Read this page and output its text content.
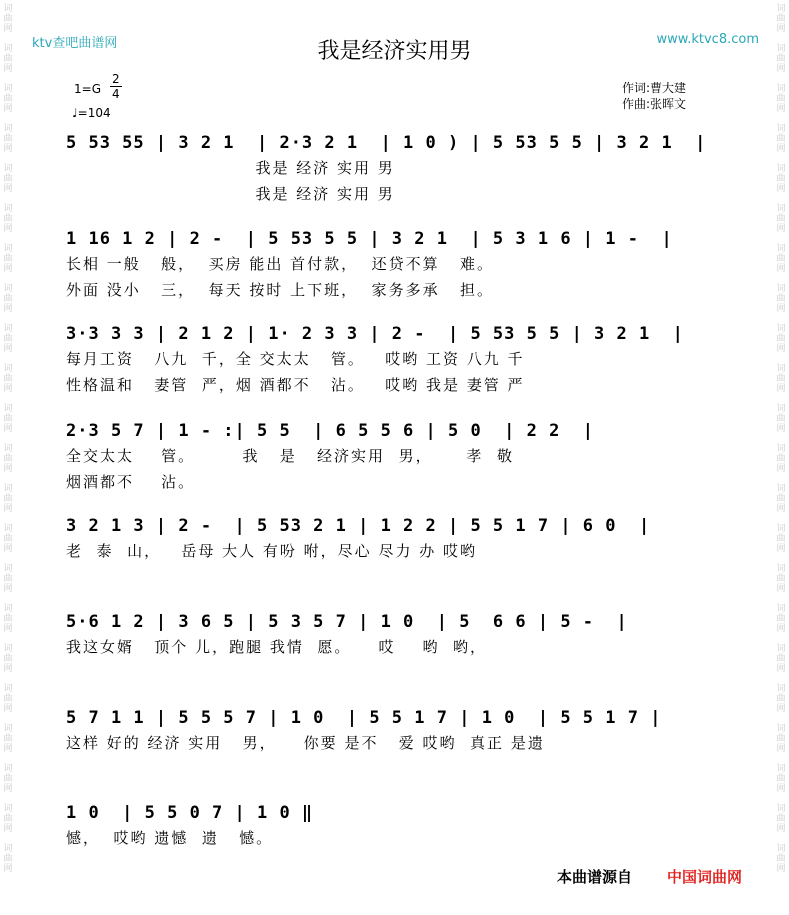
词曲网
词曲网
词曲网
词曲网
词曲网
词曲网
词曲网
词曲网
词曲网
词曲网
词曲网
词曲网
词曲网
词曲网
词曲网
词曲网
词曲网
词曲网
词曲网
词曲网
词曲网
词曲网
词曲网
词曲网
词曲网
词曲网
词曲网
词曲网
词曲网
词曲网
词曲网
词曲网
词曲网
词曲网
词曲网
词曲网
词曲网
词曲网
词曲网
词曲网
词曲网
词曲网
词曲网
词曲网
ktv查吧曲谱网	www.ktvc8.com
我是经济实用男
$1=G \frac{2}{4}$
♩=104
作词:曹大建
作曲:张晖文
5 53 55 | 3 2 1  | 2·3 2 1  | 1 0 ) | 5 53 5 5 | 3 2 1  |
我是 经济 实用 男
我是 经济 实用 男
1 16 1 2 | 2 -  | 5 53 5 5 | 3 2 1  | 5 3 1 6 | 1 -  |
长相 一般   般，  买房 能出 首付款，  还贷不算   难。
外面 没小   三，  每天 按时 上下班，  家务多承   担。
3·3 3 3 | 2 1 2 | 1· 2 3 3 | 2 -  | 5 53 5 5 | 3 2 1  |
每月工资   八九  千，全 交太太   管。   哎哟 工资 八九 千
性格温和   妻管  严，烟 酒都不   沾。   哎哟 我是 妻管 严
2·3 5 7 | 1 - :| 5 5  | 6 5 5 6 | 5 0  | 2 2  |
全交太太    管。       我   是   经济实用  男，     孝  敬
烟酒都不    沾。
3 2 1 3 | 2 -  | 5 53 2 1 | 1 2 2 | 5 5 1 7 | 6 0  |
老  泰  山，   岳母 大人 有吩 咐，尽心 尽力 办 哎哟
5·6 1 2 | 3 6 5 | 5 3 5 7 | 1 0  | 5  6 6 | 5 -  |
我这女婿   顶个 儿，跑腿 我情  愿。    哎    哟  哟，
5 7 1 1 | 5 5 5 7 | 1 0  | 5 5 1 7 | 1 0  | 5 5 1 7 |
这样 好的 经济 实用   男，    你要 是不   爱 哎哟  真正 是遗
1 0  | 5 5 0 7 | 1 0 ‖
憾，  哎哟 遗憾  遗   憾。
本曲谱源自 中国词曲网
